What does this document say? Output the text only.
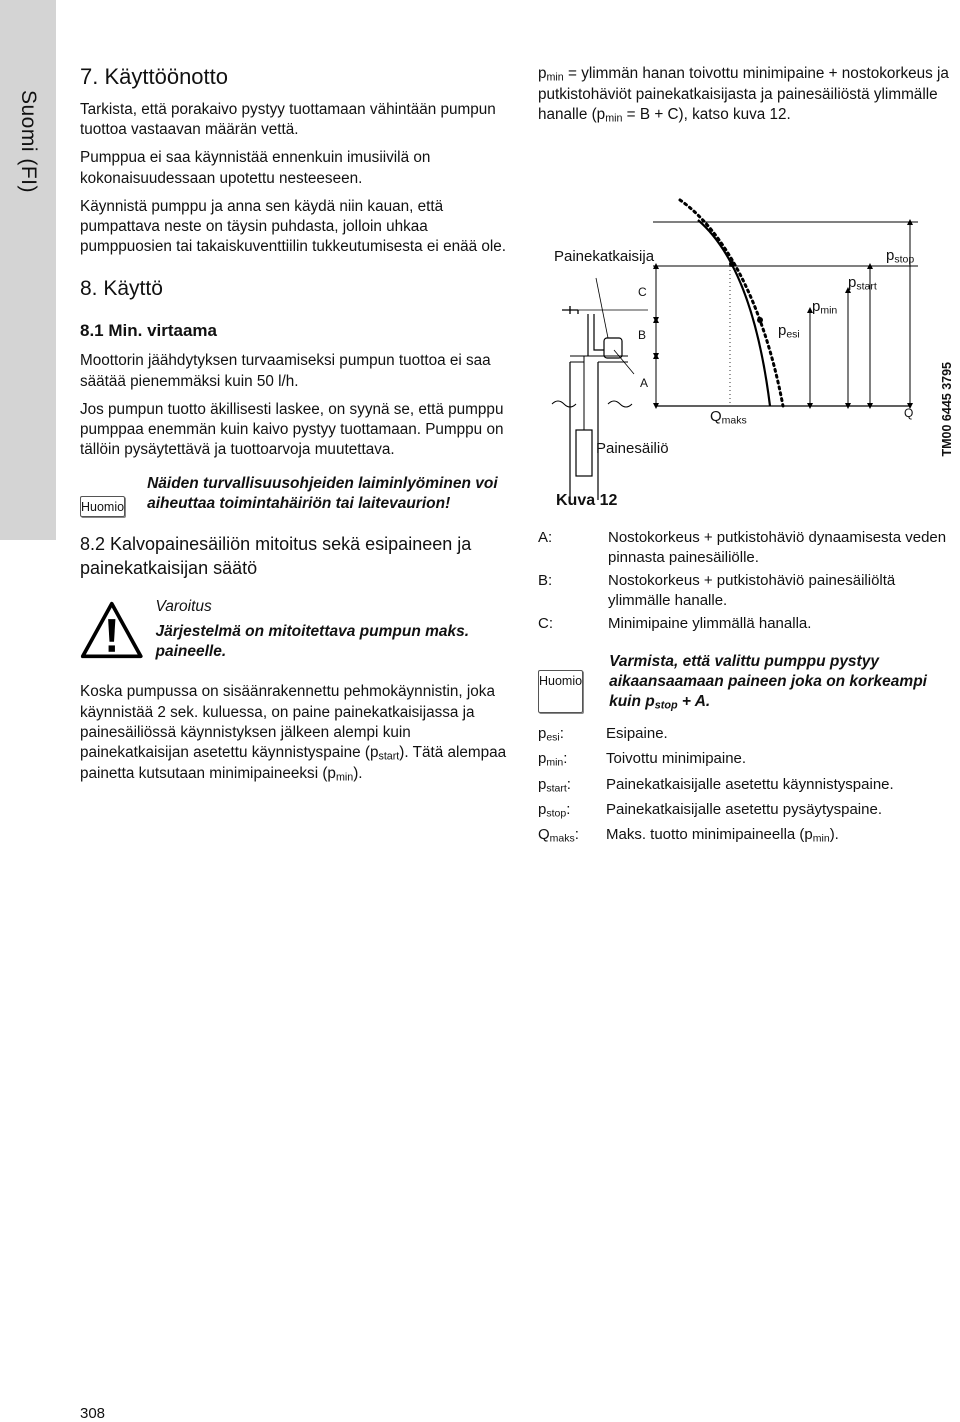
Suomi (FI)
7. Käyttöönotto

Tarkista, että porakaivo pystyy tuottamaan vähintään pumpun tuottoa vastaavan määrän vettä.

Pumppua ei saa käynnistää ennenkuin imusiivilä on kokonaisuudessaan upotettu nesteeseen.

Käynnistä pumppu ja anna sen käydä niin kauan, että pumpattava neste on täysin puhdasta, jolloin uhkaa pumppuosien tai takaiskuventtiilin tukkeutumisesta ei enää ole.

8. Käyttö
8.1 Min. virtaama

Moottorin jäähdytyksen turvaamiseksi pumpun tuottoa ei saa säätää pienemmäksi kuin 50 l/h.

Jos pumpun tuotto äkillisesti laskee, on syynä se, että pumppu pumppaa enemmän kuin kaivo pystyy tuottamaan. Pumppu on tällöin pysäytettävä ja tuottoarvoja muutettava.

Huomio
Näiden turvallisuusohjeiden laiminlyöminen voi aiheuttaa toimintahäiriön tai laitevaurion!
8.2 Kalvopainesäiliön mitoitus sekä esipaineen ja painekatkaisijan säätö
Varoitus
Järjestelmä on mitoitettava pumpun maks. paineelle.

Koska pumpussa on sisäänrakennettu pehmokäynnistin, joka käynnistää 2 sek. kuluessa, on paine painekatkaisijassa ja painesäiliössä käynnistyksen jälkeen alempi kuin painekatkaisijan asetettu käynnistyspaine $(p_{start})$. Tätä alempaa painetta kutsutaan minimipaineeksi $(p_{min})$.

$p_{min}$ = ylimmän hanan toivottu minimipaine + nostokorkeus ja putkistohäviöt painekatkaisijasta ja painesäiliöstä ylimmälle hanalle $(p_{min} = B + C)$, katso kuva 12.

Painekatkaisija
Painesäiliö
C
B
A
$p_{esi}$
$p_{min}$
$p_{start}$
$p_{stop}$
$Q_{maks}$
Q TM00 6445 3795
Kuva 12
A:	Nostokorkeus + putkistohäviö dynaamisesta veden pinnasta painesäiliölle.
B:	Nostokorkeus + putkistohäviö painesäiliöltä ylimmälle hanalle.
C:	Minimipaine ylimmällä hanalla.
Huomio
Varmista, että valittu pumppu pystyy aikaansaamaan paineen joka on korkeampi kuin $p_{stop} + A$.
$p_{esi}$:	Esipaine.
$p_{min}$:	Toivottu minimipaine.
$p_{start}$:	Painekatkaisijalle asetettu käynnistyspaine.
$p_{stop}$:	Painekatkaisijalle asetettu pysäytyspaine.
$Q_{maks}$:	Maks. tuotto minimipaineella $(p_{min})$.
308
